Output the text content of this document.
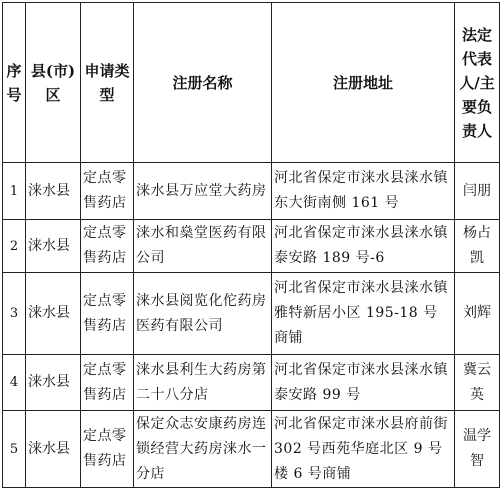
序号	县(市)区	申请类型	注册名称	注册地址	法定代表人/主要负责人
1	涞水县	定点零售药店	涞水县万应堂大药房	河北省保定市涞水县涞水镇东大街南侧 161 号	闫朋
2	涞水县	定点零售药店	涞水和燊堂医药有限公司	河北省保定市涞水县涞水镇泰安路 189 号-6	杨占凯
3	涞水县	定点零售药店	涞水县阅览化佗药房医药有限公司	河北省保定市涞水县涞水镇雅特新居小区 195-18 号商铺	刘辉
4	涞水县	定点零售药店	涞水县利生大药房第二十八分店	河北省保定市涞水县涞水镇泰安路 99 号	冀云英
5	涞水县	定点零售药店	保定众志安康药房连锁经营大药房涞水一分店	河北省保定市涞水县府前街 302 号西苑华庭北区 9 号楼 6 号商铺	温学智
